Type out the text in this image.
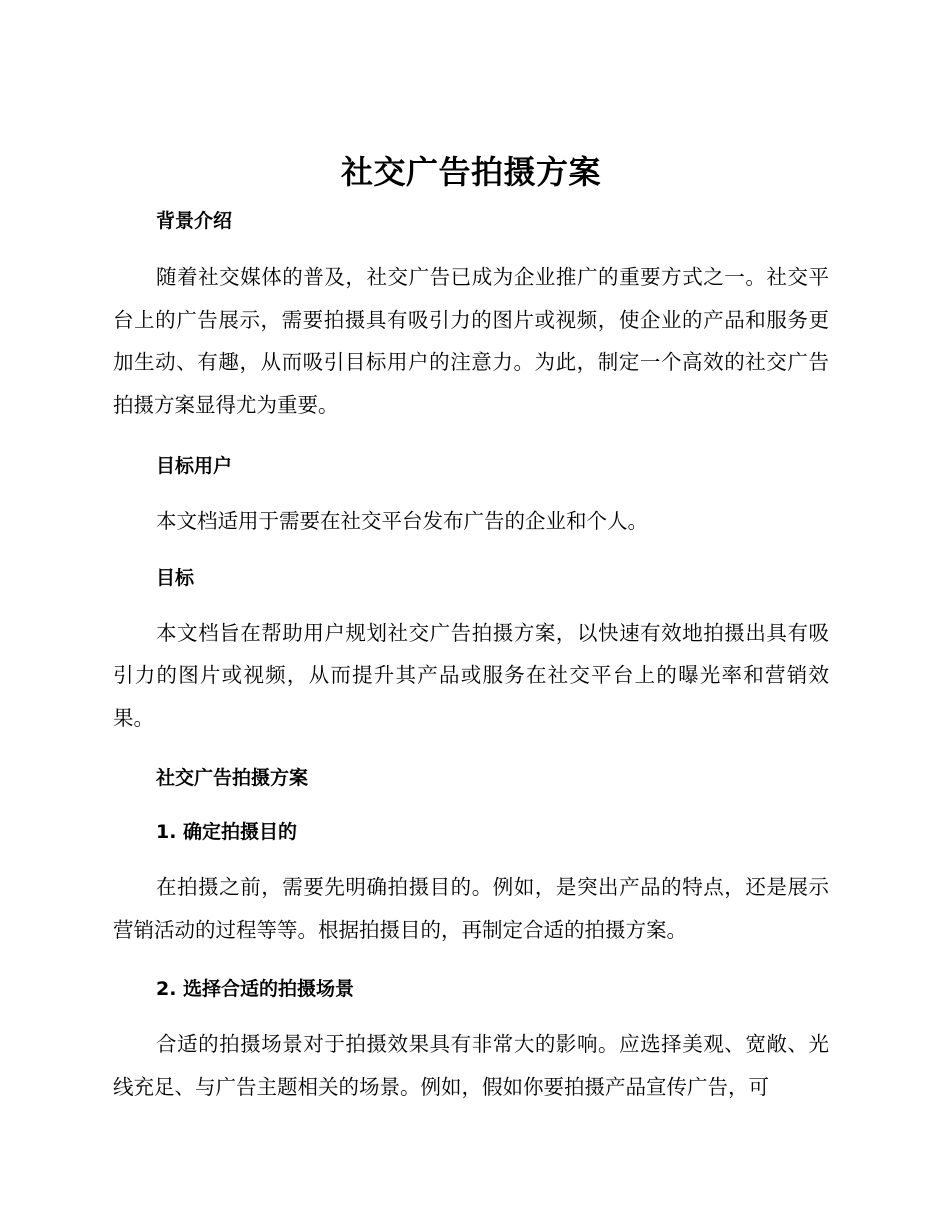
社交广告拍摄方案
背景介绍

随着社交媒体的普及，社交广告已成为企业推广的重要方式之一。社交平台上的广告展示，需要拍摄具有吸引力的图片或视频，使企业的产品和服务更加生动、有趣，从而吸引目标用户的注意力。为此，制定一个高效的社交广告拍摄方案显得尤为重要。

目标用户

本文档适用于需要在社交平台发布广告的企业和个人。

目标

本文档旨在帮助用户规划社交广告拍摄方案，以快速有效地拍摄出具有吸引力的图片或视频，从而提升其产品或服务在社交平台上的曝光率和营销效果。

社交广告拍摄方案
1. 确定拍摄目的

在拍摄之前，需要先明确拍摄目的。例如，是突出产品的特点，还是展示营销活动的过程等等。根据拍摄目的，再制定合适的拍摄方案。

2. 选择合适的拍摄场景

合适的拍摄场景对于拍摄效果具有非常大的影响。应选择美观、宽敞、光线充足、与广告主题相关的场景。例如，假如你要拍摄产品宣传广告，可
